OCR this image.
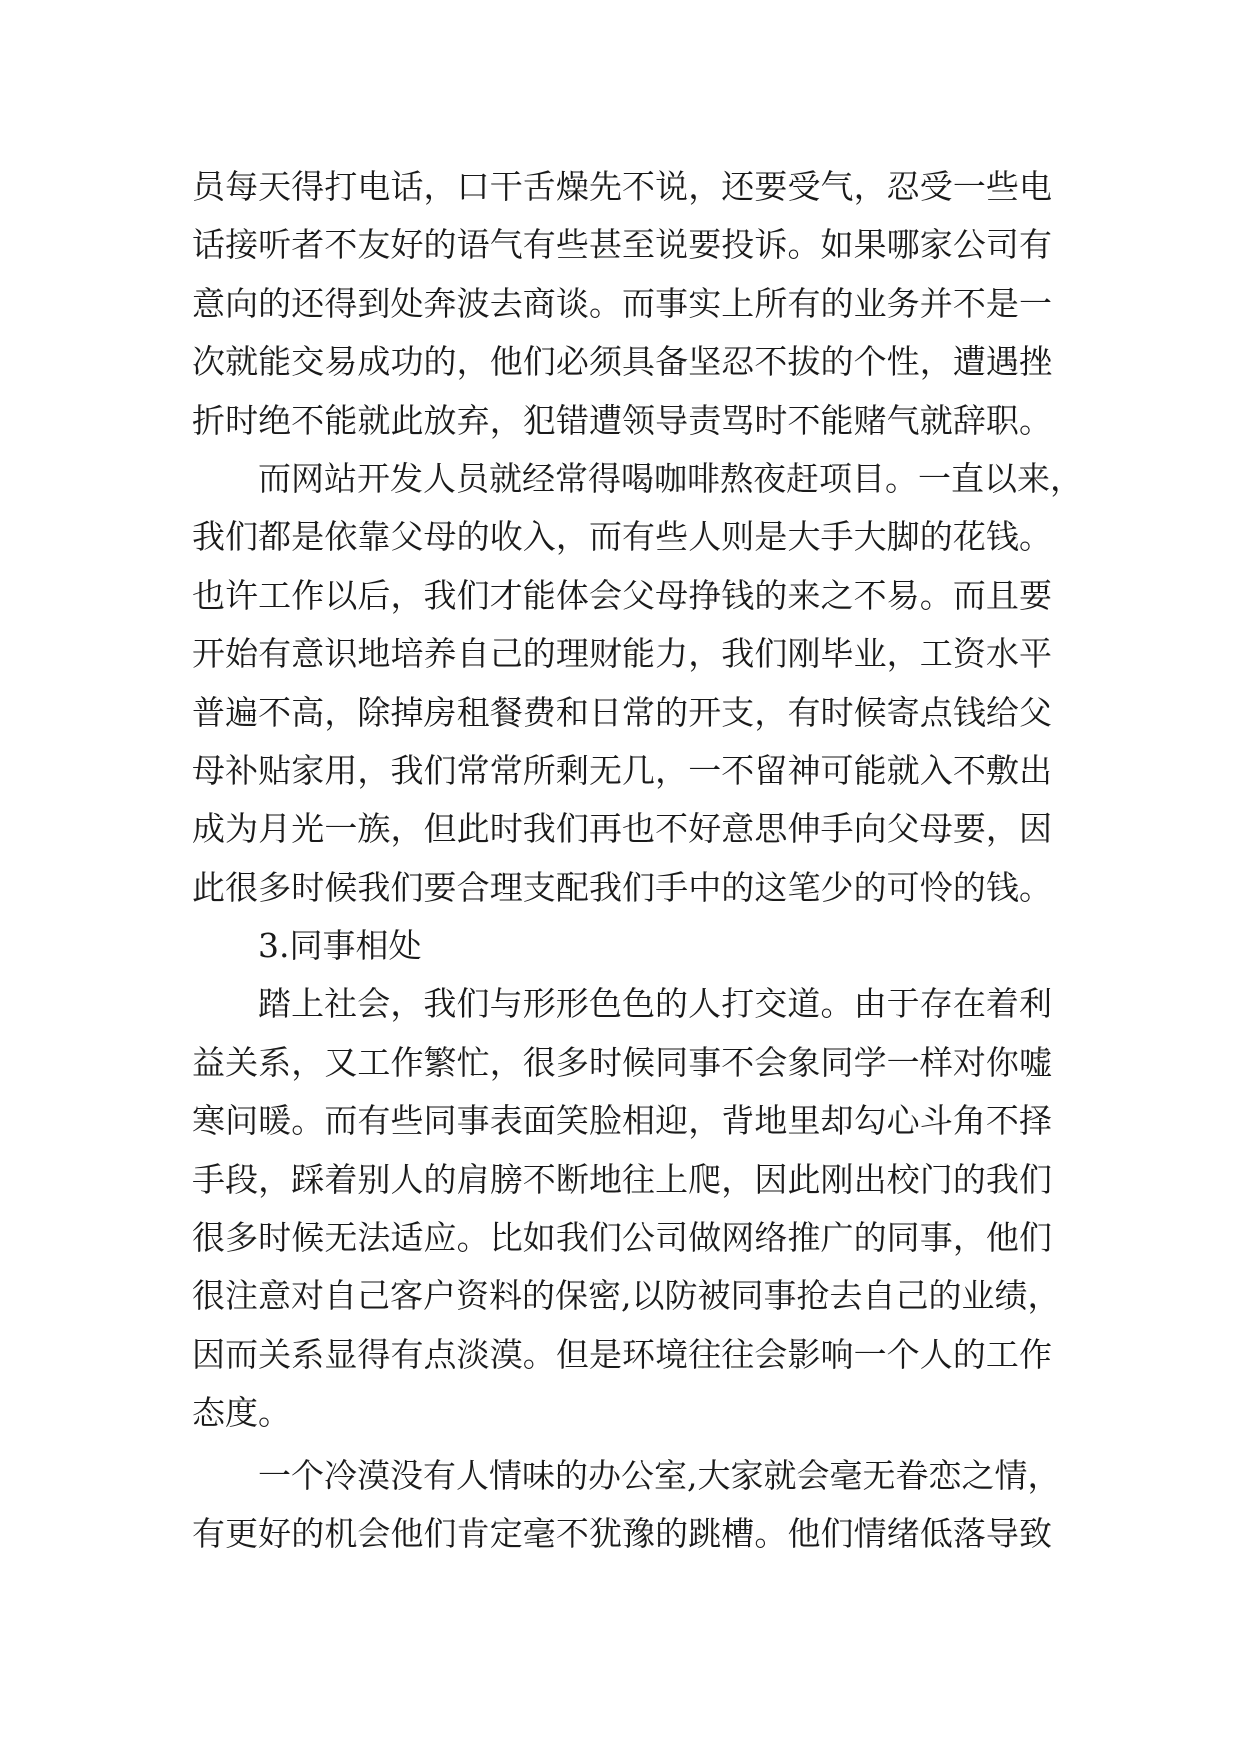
员每天得打电话，口干舌燥先不说，还要受气，忍受一些电
话接听者不友好的语气有些甚至说要投诉。如果哪家公司有
意向的还得到处奔波去商谈。而事实上所有的业务并不是一
次就能交易成功的，他们必须具备坚忍不拔的个性，遭遇挫
折时绝不能就此放弃，犯错遭领导责骂时不能赌气就辞职。
而网站开发人员就经常得喝咖啡熬夜赶项目。一直以来，
我们都是依靠父母的收入，而有些人则是大手大脚的花钱。
也许工作以后，我们才能体会父母挣钱的来之不易。而且要
开始有意识地培养自己的理财能力，我们刚毕业，工资水平
普遍不高，除掉房租餐费和日常的开支，有时候寄点钱给父
母补贴家用，我们常常所剩无几，一不留神可能就入不敷出
成为月光一族，但此时我们再也不好意思伸手向父母要，因
此很多时候我们要合理支配我们手中的这笔少的可怜的钱。
3.同事相处
踏上社会，我们与形形色色的人打交道。由于存在着利
益关系，又工作繁忙，很多时候同事不会象同学一样对你嘘
寒问暖。而有些同事表面笑脸相迎，背地里却勾心斗角不择
手段，踩着别人的肩膀不断地往上爬，因此刚出校门的我们
很多时候无法适应。比如我们公司做网络推广的同事，他们
很注意对自己客户资料的保密,以防被同事抢去自己的业绩，
因而关系显得有点淡漠。但是环境往往会影响一个人的工作
态度。
一个冷漠没有人情味的办公室,大家就会毫无眷恋之情，
有更好的机会他们肯定毫不犹豫的跳槽。他们情绪低落导致
